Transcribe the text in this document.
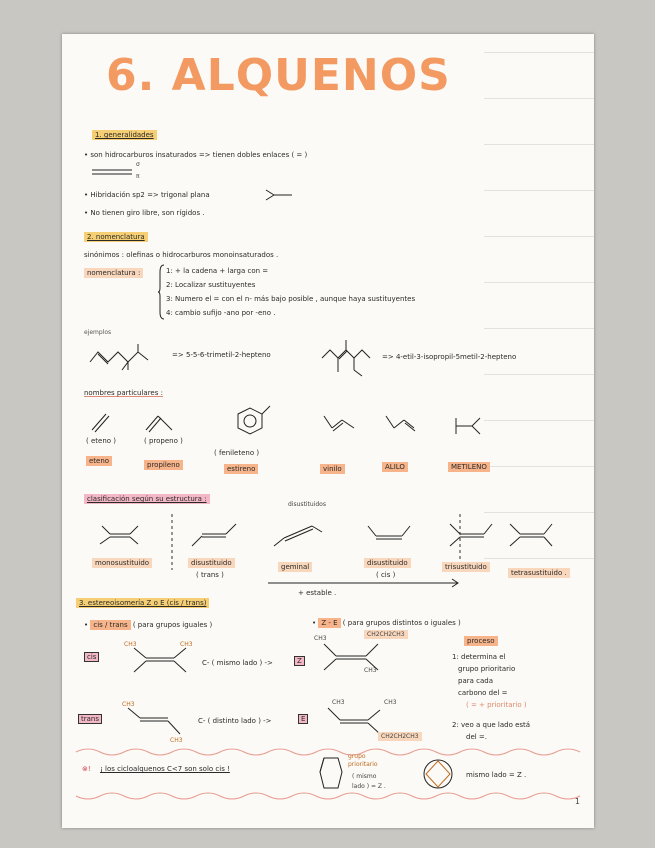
6. ALQUENOS
1. generalidades
• son hidrocarburos insaturados => tienen dobles enlaces ( = )
σ
π
• Hibridación sp2 => trigonal plana
• No tienen giro libre, son rígidos .
2. nomenclatura
sinónimos : olefinas o hidrocarburos monoinsaturados .
nomenclatura :	1: + la cadena + larga con =
2: Localizar sustituyentes
3: Numero el = con el n- más bajo posible , aunque haya sustituyentes
4: cambio sufijo -ano por -eno .
ejemplos
=> 5-5-6-trimetil-2-hepteno	=> 4-etil-3-isopropil-5metil-2-hepteno
nombres particulares :
( eteno )
eteno
( propeno )
propileno
( fenileteno )
estireno	vinilo	ALILO	METILENO
clasificación según su estructura :
disustituidos
monosustituido	disustituido
( trans )
geminal	disustituido
( cis )
trisustituido
tetrasustituido .
+ estable .
3. estereoisomería Z o E (cis / trans)
• cis / trans ( para grupos iguales )	• Z - E ( para grupos distintos o iguales )
proceso
1: determina el
grupo prioritario
para cada
carbono del =
( = + prioritario )
2: veo a que lado está
del =.
cis
CH3	CH3
C- ( mismo lado ) ->	Z
CH3
CH2CH2CH3
CH3
trans
CH3
CH3
C- ( distinto lado ) ->	E
CH3	CH3
CH2CH2CH3
⊗! ¡ los cicloalquenos C<7 son solo cis !
grupo
prioritario
( mismo
lado ) = Z .
mismo lado = Z .
1
